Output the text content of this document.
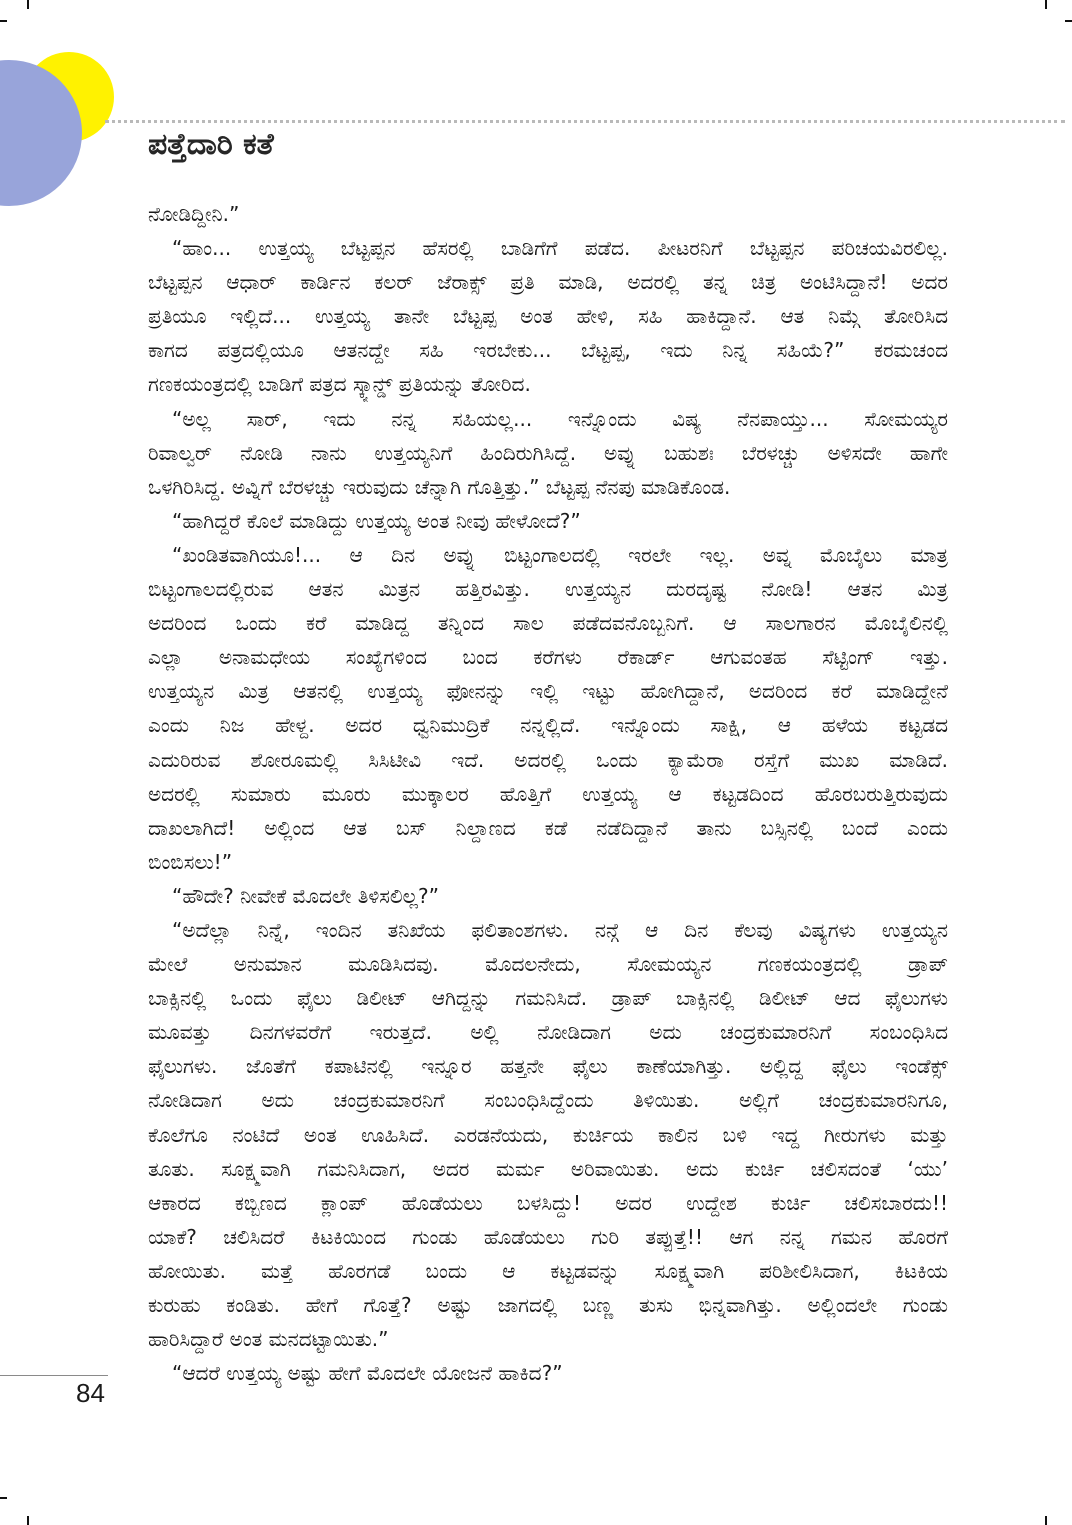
ಪತ್ತೆದಾರಿ ಕತೆ
ನೋಡಿದ್ದೀನಿ.”
“ಹಾಂ... ಉತ್ತಯ್ಯ ಬೆಟ್ಟಪ್ಪನ ಹೆಸರಲ್ಲಿ ಬಾಡಿಗೆಗೆ ಪಡೆದ. ಪೀಟರನಿಗೆ ಬೆಟ್ಟಪ್ಪನ ಪರಿಚಯವಿರಲಿಲ್ಲ.
ಬೆಟ್ಟಪ್ಪನ ಆಧಾರ್ ಕಾರ್ಡಿನ ಕಲರ್ ಜೆರಾಕ್ಸ್ ಪ್ರತಿ ಮಾಡಿ, ಅದರಲ್ಲಿ ತನ್ನ ಚಿತ್ರ ಅಂಟಿಸಿದ್ದಾನೆ! ಅದರ
ಪ್ರತಿಯೂ ಇಲ್ಲಿದೆ... ಉತ್ತಯ್ಯ ತಾನೇ ಬೆಟ್ಟಪ್ಪ ಅಂತ ಹೇಳಿ, ಸಹಿ ಹಾಕಿದ್ದಾನೆ. ಆತ ನಿಮ್ಗೆ ತೋರಿಸಿದ
ಕಾಗದ ಪತ್ರದಲ್ಲಿಯೂ ಆತನದ್ದೇ ಸಹಿ ಇರಬೇಕು... ಬೆಟ್ಟಪ್ಪ, ಇದು ನಿನ್ನ ಸಹಿಯೆ?” ಕರಮಚಂದ
ಗಣಕಯಂತ್ರದಲ್ಲಿ ಬಾಡಿಗೆ ಪತ್ರದ ಸ್ಕ್ಯಾನ್ಡ್ ಪ್ರತಿಯನ್ನು ತೋರಿದ.
“ಅಲ್ಲ ಸಾರ್, ಇದು ನನ್ನ ಸಹಿಯಲ್ಲ... ಇನ್ನೊಂದು ವಿಷ್ಯ ನೆನಪಾಯ್ತು... ಸೋಮಯ್ಯರ
ರಿವಾಲ್ವರ್ ನೋಡಿ ನಾನು ಉತ್ತಯ್ಯನಿಗೆ ಹಿಂದಿರುಗಿಸಿದ್ದೆ. ಅವ್ನು ಬಹುಶಃ ಬೆರಳಚ್ಚು ಅಳಿಸದೇ ಹಾಗೇ
ಒಳಗಿರಿಸಿದ್ದ. ಅವ್ನಿಗೆ ಬೆರಳಚ್ಚು ಇರುವುದು ಚೆನ್ನಾಗಿ ಗೊತ್ತಿತ್ತು.” ಬೆಟ್ಟಪ್ಪ ನೆನಪು ಮಾಡಿಕೊಂಡ.
“ಹಾಗಿದ್ದರೆ ಕೊಲೆ ಮಾಡಿದ್ದು ಉತ್ತಯ್ಯ ಅಂತ ನೀವು ಹೇಳೋದೆ?”
“ಖಂಡಿತವಾಗಿಯೂ!... ಆ ದಿನ ಅವ್ನು ಬಿಟ್ಟಂಗಾಲದಲ್ಲಿ ಇರಲೇ ಇಲ್ಲ. ಅವ್ನ ಮೊಬೈಲು ಮಾತ್ರ
ಬಿಟ್ಟಂಗಾಲದಲ್ಲಿರುವ ಆತನ ಮಿತ್ರನ ಹತ್ತಿರವಿತ್ತು. ಉತ್ತಯ್ಯನ ದುರದೃಷ್ಟ ನೋಡಿ! ಆತನ ಮಿತ್ರ
ಅದರಿಂದ ಒಂದು ಕರೆ ಮಾಡಿದ್ದ ತನ್ನಿಂದ ಸಾಲ ಪಡೆದವನೊಬ್ಬನಿಗೆ. ಆ ಸಾಲಗಾರನ ಮೊಬೈಲಿನಲ್ಲಿ
ಎಲ್ಲಾ ಅನಾಮಧೇಯ ಸಂಖ್ಯೆಗಳಿಂದ ಬಂದ ಕರೆಗಳು ರೆಕಾರ್ಡ್ ಆಗುವಂತಹ ಸೆಟ್ಟಿಂಗ್ ಇತ್ತು.
ಉತ್ತಯ್ಯನ ಮಿತ್ರ ಆತನಲ್ಲಿ ಉತ್ತಯ್ಯ ಫೋನನ್ನು ಇಲ್ಲಿ ಇಟ್ಟು ಹೋಗಿದ್ದಾನೆ, ಅದರಿಂದ ಕರೆ ಮಾಡಿದ್ದೇನೆ
ಎಂದು ನಿಜ ಹೇಳ್ದ. ಅದರ ಧ್ವನಿಮುದ್ರಿಕೆ ನನ್ನಲ್ಲಿದೆ. ಇನ್ನೊಂದು ಸಾಕ್ಷಿ, ಆ ಹಳೆಯ ಕಟ್ಟಡದ
ಎದುರಿರುವ ಶೋರೂಮಲ್ಲಿ ಸಿಸಿಟೀವಿ ಇದೆ. ಅದರಲ್ಲಿ ಒಂದು ಕ್ಯಾಮೆರಾ ರಸ್ತೆಗೆ ಮುಖ ಮಾಡಿದೆ.
ಅದರಲ್ಲಿ ಸುಮಾರು ಮೂರು ಮುಕ್ಕಾಲರ ಹೊತ್ತಿಗೆ ಉತ್ತಯ್ಯ ಆ ಕಟ್ಟಡದಿಂದ ಹೊರಬರುತ್ತಿರುವುದು
ದಾಖಲಾಗಿದೆ! ಅಲ್ಲಿಂದ ಆತ ಬಸ್ ನಿಲ್ದಾಣದ ಕಡೆ ನಡೆದಿದ್ದಾನೆ ತಾನು ಬಸ್ಸಿನಲ್ಲಿ ಬಂದೆ ಎಂದು
ಬಿಂಬಿಸಲು!”
“ಹೌದೇ? ನೀವೇಕೆ ಮೊದಲೇ ತಿಳಿಸಲಿಲ್ಲ?”
“ಅದೆಲ್ಲಾ ನಿನ್ನೆ, ಇಂದಿನ ತನಿಖೆಯ ಫಲಿತಾಂಶಗಳು. ನನ್ಗೆ ಆ ದಿನ ಕೆಲವು ವಿಷ್ಯಗಳು ಉತ್ತಯ್ಯನ
ಮೇಲೆ ಅನುಮಾನ ಮೂಡಿಸಿದವು. ಮೊದಲನೇದು, ಸೋಮಯ್ಯನ ಗಣಕಯಂತ್ರದಲ್ಲಿ ಡ್ರಾಪ್
ಬಾಕ್ಸಿನಲ್ಲಿ ಒಂದು ಫೈಲು ಡಿಲೀಟ್ ಆಗಿದ್ದನ್ನು ಗಮನಿಸಿದೆ. ಡ್ರಾಪ್ ಬಾಕ್ಸಿನಲ್ಲಿ ಡಿಲೀಟ್ ಆದ ಫೈಲುಗಳು
ಮೂವತ್ತು ದಿನಗಳವರೆಗೆ ಇರುತ್ತದೆ. ಅಲ್ಲಿ ನೋಡಿದಾಗ ಅದು ಚಂದ್ರಕುಮಾರನಿಗೆ ಸಂಬಂಧಿಸಿದ
ಫೈಲುಗಳು. ಜೊತೆಗೆ ಕಪಾಟಿನಲ್ಲಿ ಇನ್ನೂರ ಹತ್ತನೇ ಫೈಲು ಕಾಣೆಯಾಗಿತ್ತು. ಅಲ್ಲಿದ್ದ ಫೈಲು ಇಂಡೆಕ್ಸ್
ನೋಡಿದಾಗ ಅದು ಚಂದ್ರಕುಮಾರನಿಗೆ ಸಂಬಂಧಿಸಿದ್ದೆಂದು ತಿಳಿಯಿತು. ಅಲ್ಲಿಗೆ ಚಂದ್ರಕುಮಾರನಿಗೂ,
ಕೊಲೆಗೂ ನಂಟಿದೆ ಅಂತ ಊಹಿಸಿದೆ. ಎರಡನೆಯದು, ಕುರ್ಚಿಯ ಕಾಲಿನ ಬಳಿ ಇದ್ದ ಗೀರುಗಳು ಮತ್ತು
ತೂತು. ಸೂಕ್ಷ್ಮವಾಗಿ ಗಮನಿಸಿದಾಗ, ಅದರ ಮರ್ಮ ಅರಿವಾಯಿತು. ಅದು ಕುರ್ಚಿ ಚಲಿಸದಂತೆ ‘ಯು’
ಆಕಾರದ ಕಬ್ಬಿಣದ ಕ್ಲಾಂಪ್ ಹೊಡೆಯಲು ಬಳಸಿದ್ದು! ಅದರ ಉದ್ದೇಶ ಕುರ್ಚಿ ಚಲಿಸಬಾರದು!!
ಯಾಕೆ? ಚಲಿಸಿದರೆ ಕಿಟಕಿಯಿಂದ ಗುಂಡು ಹೊಡೆಯಲು ಗುರಿ ತಪ್ಪುತ್ತೆ!! ಆಗ ನನ್ನ ಗಮನ ಹೊರಗೆ
ಹೋಯಿತು. ಮತ್ತೆ ಹೊರಗಡೆ ಬಂದು ಆ ಕಟ್ಟಡವನ್ನು ಸೂಕ್ಷ್ಮವಾಗಿ ಪರಿಶೀಲಿಸಿದಾಗ, ಕಿಟಕಿಯ
ಕುರುಹು ಕಂಡಿತು. ಹೇಗೆ ಗೊತ್ತೆ? ಅಷ್ಟು ಜಾಗದಲ್ಲಿ ಬಣ್ಣ ತುಸು ಭಿನ್ನವಾಗಿತ್ತು. ಅಲ್ಲಿಂದಲೇ ಗುಂಡು
ಹಾರಿಸಿದ್ದಾರೆ ಅಂತ ಮನದಟ್ಟಾಯಿತು.”
“ಆದರೆ ಉತ್ತಯ್ಯ ಅಷ್ಟು ಹೇಗೆ ಮೊದಲೇ ಯೋಜನೆ ಹಾಕಿದ?”
84
